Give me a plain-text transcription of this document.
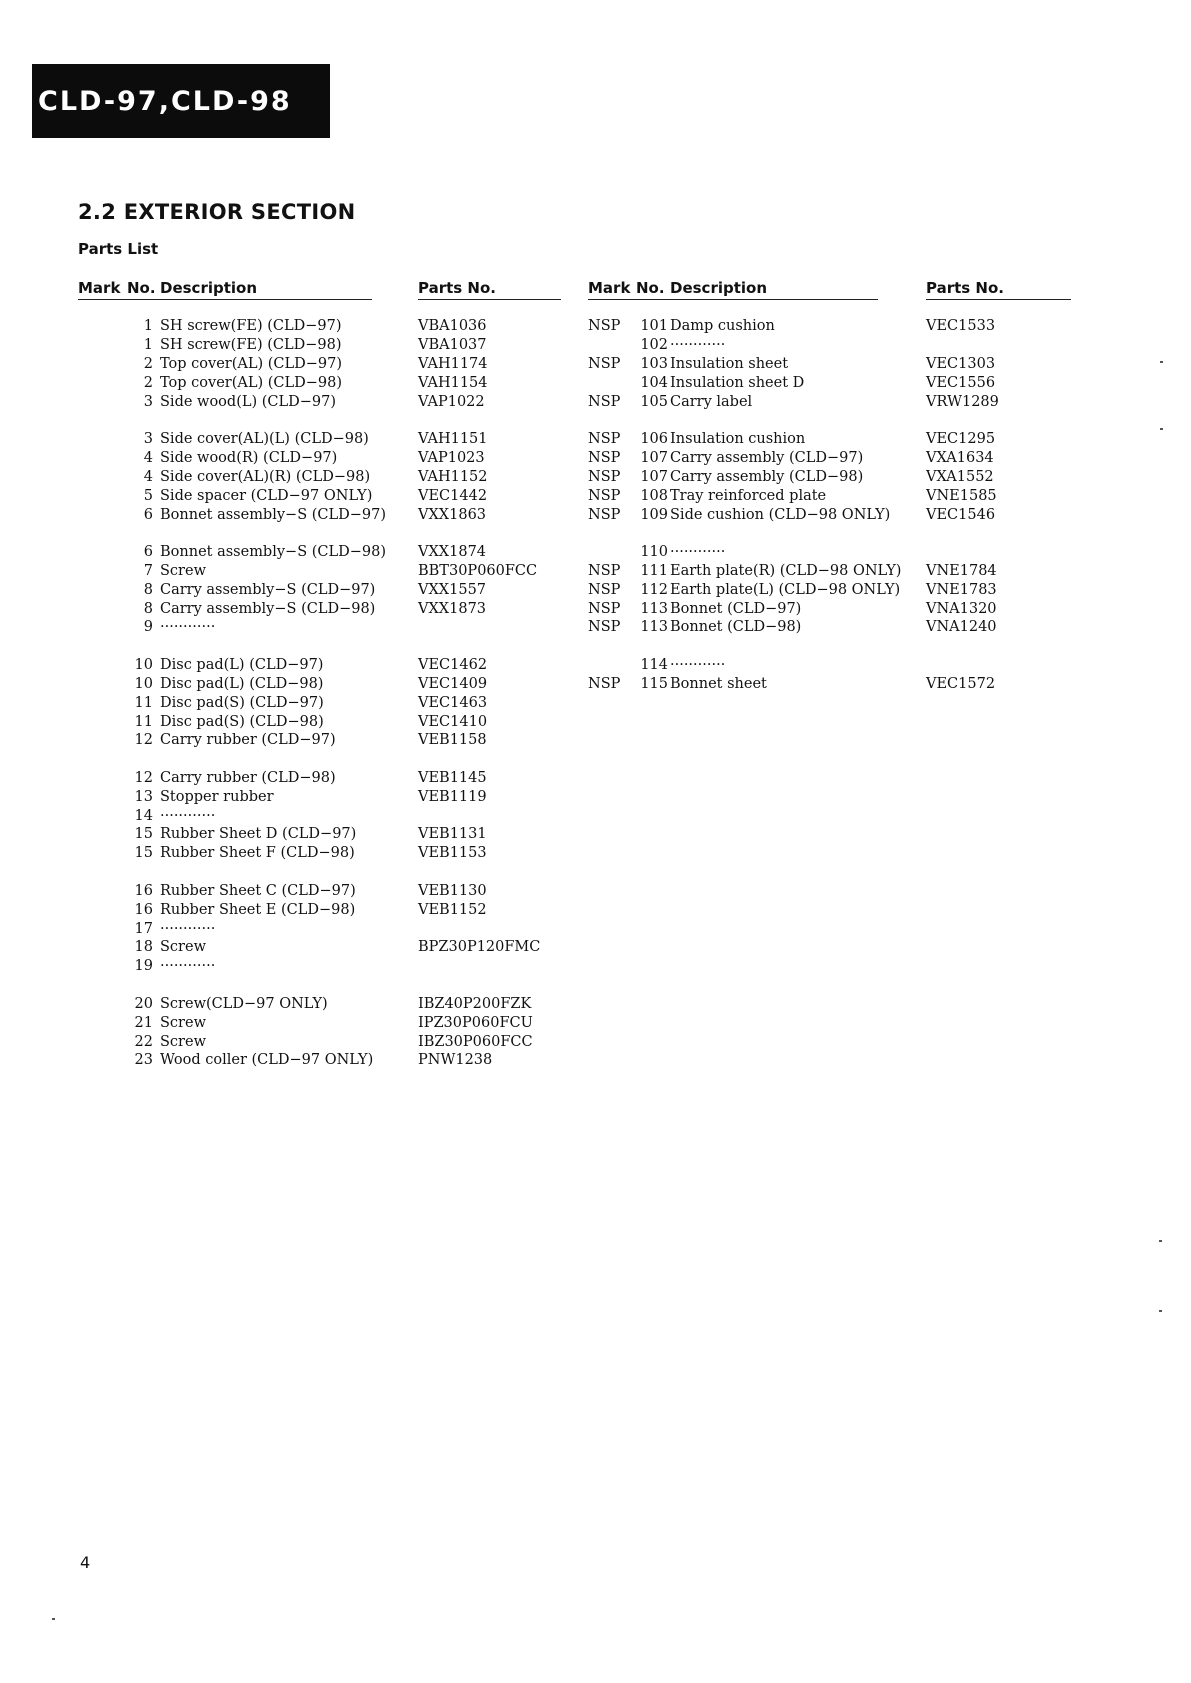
CLD-97,CLD-98
2.2 EXTERIOR SECTION
Parts List
Mark No. Description	Parts No.
1 SH screw(FE) (CLD−97)	VBA1036
1 SH screw(FE) (CLD−98)	VBA1037
2 Top cover(AL) (CLD−97)	VAH1174
2 Top cover(AL) (CLD−98)	VAH1154
3 Side wood(L) (CLD−97)	VAP1022
3 Side cover(AL)(L) (CLD−98)	VAH1151
4 Side wood(R) (CLD−97)	VAP1023
4 Side cover(AL)(R) (CLD−98)	VAH1152
5 Side spacer (CLD−97 ONLY)	VEC1442
6 Bonnet assembly−S (CLD−97) VXX1863
6 Bonnet assembly−S (CLD−98) VXX1874
7 Screw	BBT30P060FCC
8 Carry assembly−S (CLD−97)	VXX1557
8 Carry assembly−S (CLD−98)	VXX1873
9 ············
10 Disc pad(L) (CLD−97)	VEC1462
10 Disc pad(L) (CLD−98)	VEC1409
11 Disc pad(S) (CLD−97)	VEC1463
11 Disc pad(S) (CLD−98)	VEC1410
12 Carry rubber (CLD−97)	VEB1158
12 Carry rubber (CLD−98)	VEB1145
13 Stopper rubber	VEB1119
14 ············
15 Rubber Sheet D (CLD−97)	VEB1131
15 Rubber Sheet F (CLD−98)	VEB1153
16 Rubber Sheet C (CLD−97)	VEB1130
16 Rubber Sheet E (CLD−98)	VEB1152
17 ············
18 Screw	BPZ30P120FMC
19 ············
20 Screw(CLD−97 ONLY)	IBZ40P200FZK
21 Screw	IPZ30P060FCU
22 Screw	IBZ30P060FCC
23 Wood coller (CLD−97 ONLY)	PNW1238
Mark No. Description	Parts No.
NSP	101 Damp cushion	VEC1533
102 ············
NSP	103 Insulation sheet	VEC1303
104 Insulation sheet D	VEC1556
NSP	105 Carry label	VRW1289
NSP	106 Insulation cushion	VEC1295
NSP	107 Carry assembly (CLD−97)	VXA1634
NSP	107 Carry assembly (CLD−98)	VXA1552
NSP	108 Tray reinforced plate	VNE1585
NSP	109 Side cushion (CLD−98 ONLY) VEC1546
110 ············
NSP	111 Earth plate(R) (CLD−98 ONLY) VNE1784
NSP	112 Earth plate(L) (CLD−98 ONLY) VNE1783
NSP	113 Bonnet (CLD−97)	VNA1320
NSP	113 Bonnet (CLD−98)	VNA1240
114 ············
NSP	115 Bonnet sheet	VEC1572
4
